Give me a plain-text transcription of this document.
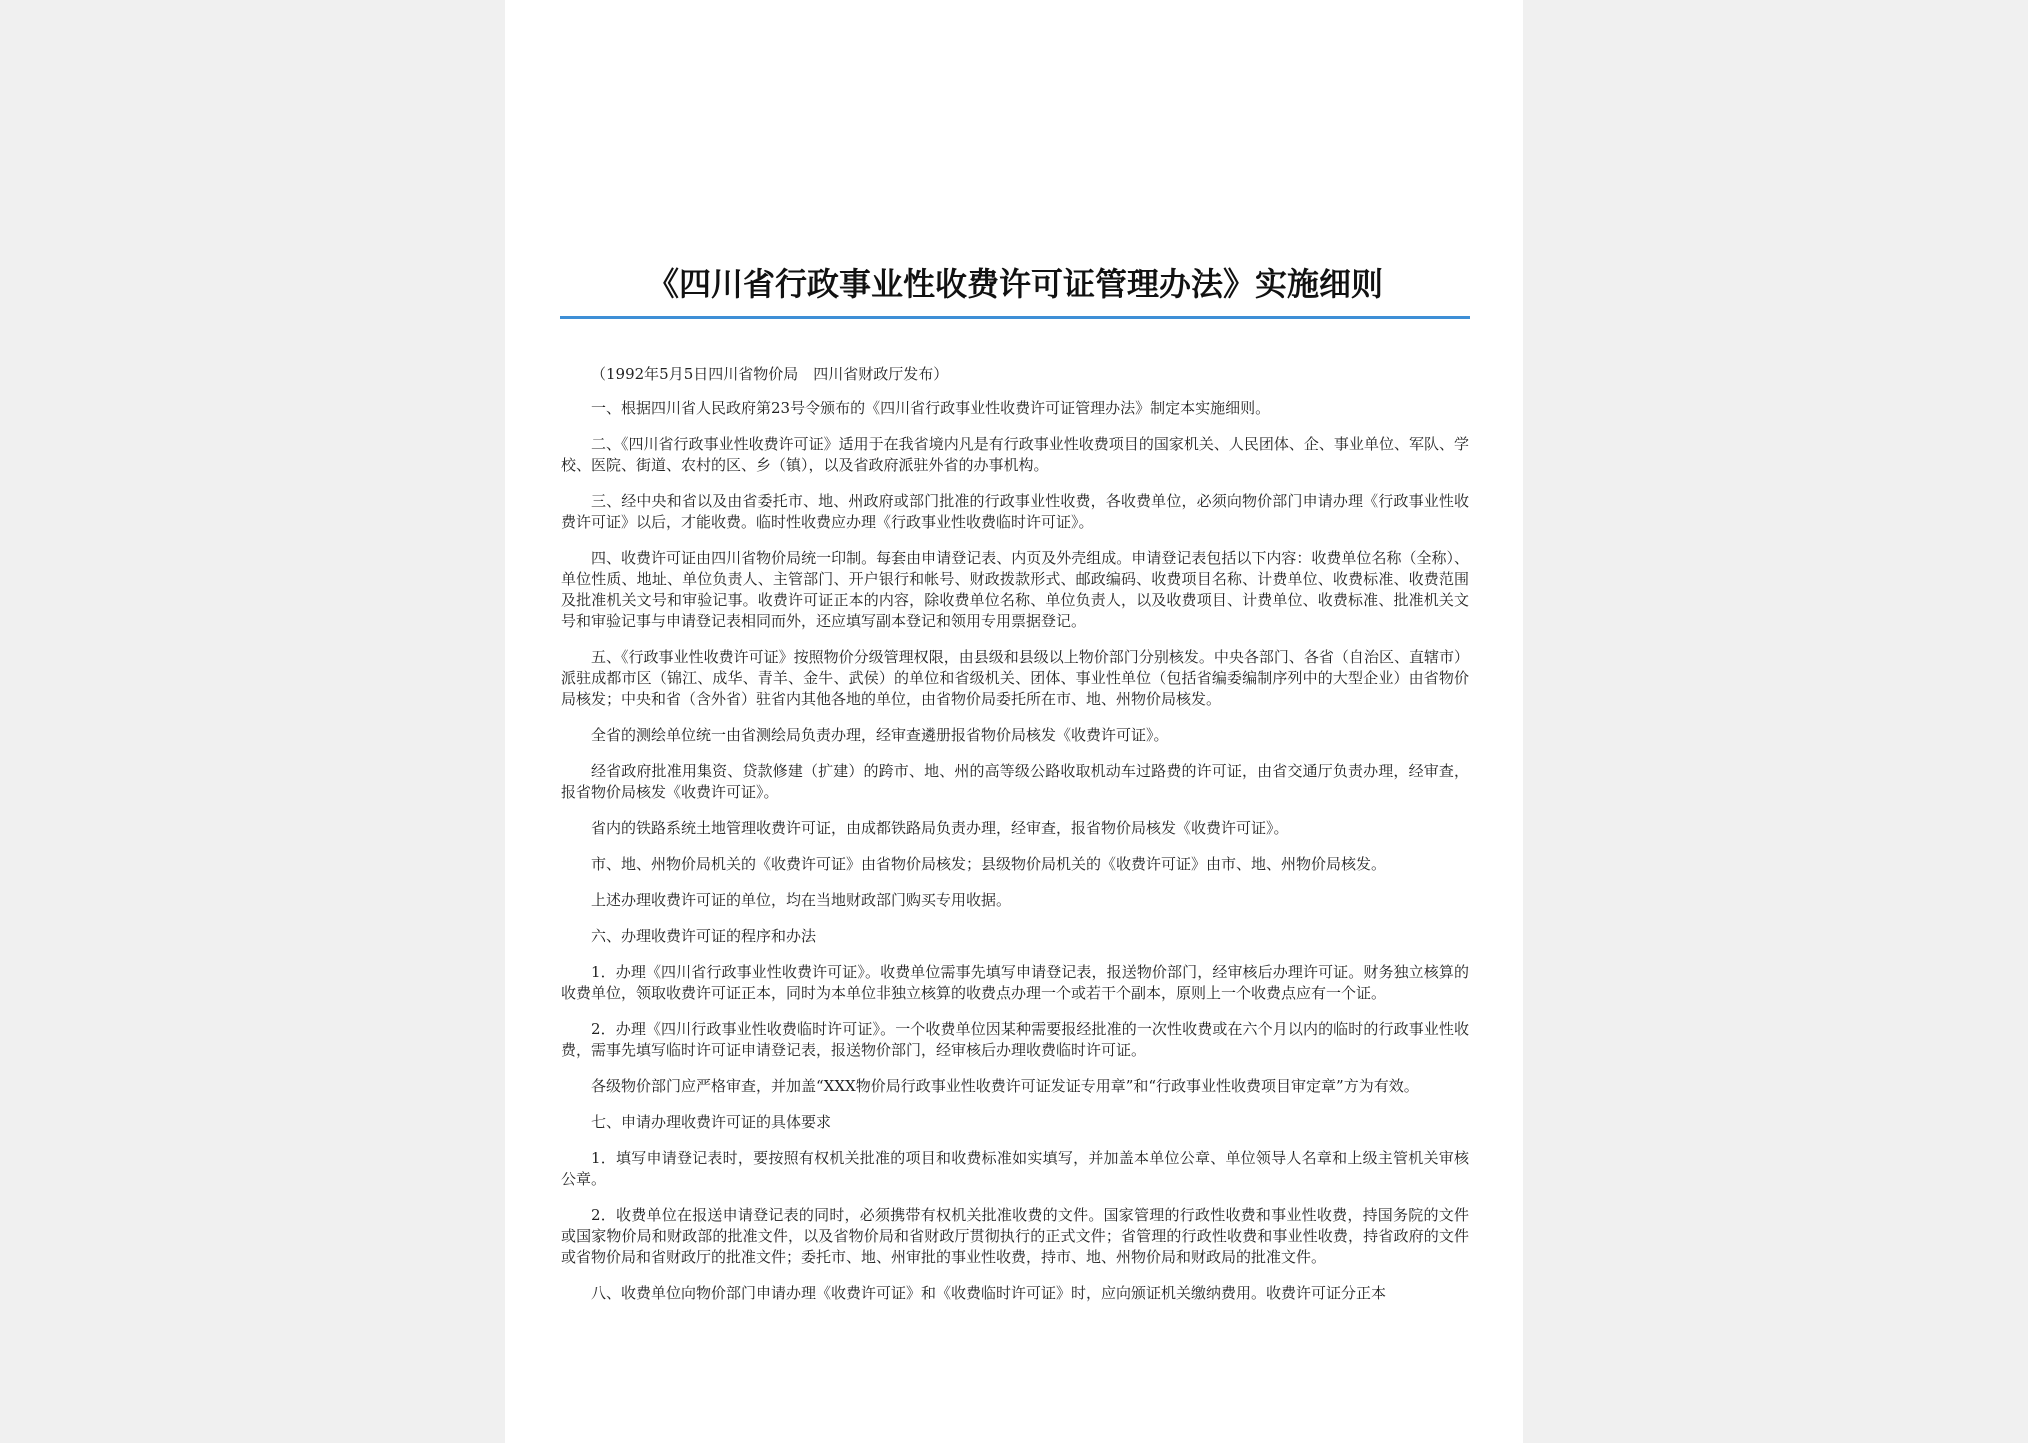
《四川省行政事业性收费许可证管理办法》实施细则

（1992年5月5日四川省物价局　四川省财政厅发布）

一、根据四川省人民政府第23号令颁布的《四川省行政事业性收费许可证管理办法》制定本实施细则。

二、《四川省行政事业性收费许可证》适用于在我省境内凡是有行政事业性收费项目的国家机关、人民团体、企、事业单位、军队、学校、医院、街道、农村的区、乡（镇），以及省政府派驻外省的办事机构。

三、经中央和省以及由省委托市、地、州政府或部门批准的行政事业性收费，各收费单位，必须向物价部门申请办理《行政事业性收费许可证》以后，才能收费。临时性收费应办理《行政事业性收费临时许可证》。

四、收费许可证由四川省物价局统一印制。每套由申请登记表、内页及外壳组成。申请登记表包括以下内容：收费单位名称（全称）、单位性质、地址、单位负责人、主管部门、开户银行和帐号、财政拨款形式、邮政编码、收费项目名称、计费单位、收费标准、收费范围及批准机关文号和审验记事。收费许可证正本的内容，除收费单位名称、单位负责人，以及收费项目、计费单位、收费标准、批准机关文号和审验记事与申请登记表相同而外，还应填写副本登记和领用专用票据登记。

五、《行政事业性收费许可证》按照物价分级管理权限，由县级和县级以上物价部门分别核发。中央各部门、各省（自治区、直辖市）派驻成都市区（锦江、成华、青羊、金牛、武侯）的单位和省级机关、团体、事业性单位（包括省编委编制序列中的大型企业）由省物价局核发；中央和省（含外省）驻省内其他各地的单位，由省物价局委托所在市、地、州物价局核发。

全省的测绘单位统一由省测绘局负责办理，经审查遴册报省物价局核发《收费许可证》。

经省政府批准用集资、贷款修建（扩建）的跨市、地、州的高等级公路收取机动车过路费的许可证，由省交通厅负责办理，经审查，报省物价局核发《收费许可证》。

省内的铁路系统土地管理收费许可证，由成都铁路局负责办理，经审查，报省物价局核发《收费许可证》。

市、地、州物价局机关的《收费许可证》由省物价局核发；县级物价局机关的《收费许可证》由市、地、州物价局核发。

上述办理收费许可证的单位，均在当地财政部门购买专用收据。

六、办理收费许可证的程序和办法

1．办理《四川省行政事业性收费许可证》。收费单位需事先填写申请登记表，报送物价部门，经审核后办理许可证。财务独立核算的收费单位，领取收费许可证正本，同时为本单位非独立核算的收费点办理一个或若干个副本，原则上一个收费点应有一个证。

2．办理《四川行政事业性收费临时许可证》。一个收费单位因某种需要报经批准的一次性收费或在六个月以内的临时的行政事业性收费，需事先填写临时许可证申请登记表，报送物价部门，经审核后办理收费临时许可证。

各级物价部门应严格审查，并加盖“XXX物价局行政事业性收费许可证发证专用章”和“行政事业性收费项目审定章”方为有效。

七、申请办理收费许可证的具体要求

1．填写申请登记表时，要按照有权机关批准的项目和收费标准如实填写，并加盖本单位公章、单位领导人名章和上级主管机关审核公章。

2．收费单位在报送申请登记表的同时，必须携带有权机关批准收费的文件。国家管理的行政性收费和事业性收费，持国务院的文件或国家物价局和财政部的批准文件，以及省物价局和省财政厅贯彻执行的正式文件；省管理的行政性收费和事业性收费，持省政府的文件或省物价局和省财政厅的批准文件；委托市、地、州审批的事业性收费，持市、地、州物价局和财政局的批准文件。

八、收费单位向物价部门申请办理《收费许可证》和《收费临时许可证》时，应向颁证机关缴纳费用。收费许可证分正本
